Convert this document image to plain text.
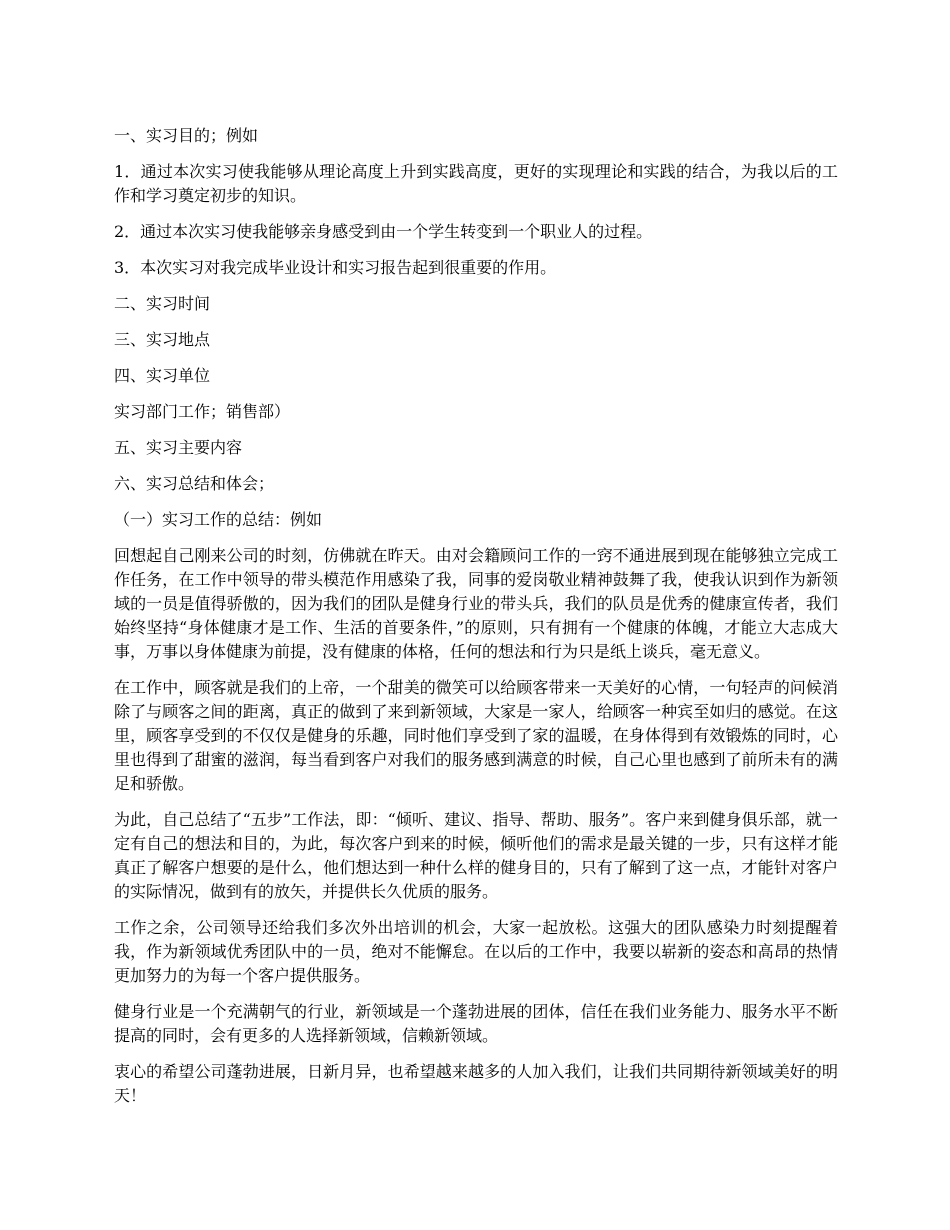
一、实习目的；例如

1．通过本次实习使我能够从理论高度上升到实践高度，更好的实现理论和实践的结合，为我以后的工作和学习奠定初步的知识。

2．通过本次实习使我能够亲身感受到由一个学生转变到一个职业人的过程。

3．本次实习对我完成毕业设计和实习报告起到很重要的作用。

二、实习时间

三、实习地点

四、实习单位

实习部门工作；销售部）

五、实习主要内容

六、实习总结和体会；

（一）实习工作的总结：例如

回想起自己刚来公司的时刻，仿佛就在昨天。由对会籍顾问工作的一窍不通进展到现在能够独立完成工作任务，在工作中领导的带头模范作用感染了我，同事的爱岗敬业精神鼓舞了我，使我认识到作为新领域的一员是值得骄傲的，因为我们的团队是健身行业的带头兵，我们的队员是优秀的健康宣传者，我们始终坚持“身体健康才是工作、生活的首要条件，”的原则，只有拥有一个健康的体魄，才能立大志成大事，万事以身体健康为前提，没有健康的体格，任何的想法和行为只是纸上谈兵，毫无意义。

在工作中，顾客就是我们的上帝，一个甜美的微笑可以给顾客带来一天美好的心情，一句轻声的问候消除了与顾客之间的距离，真正的做到了来到新领域，大家是一家人，给顾客一种宾至如归的感觉。在这里，顾客享受到的不仅仅是健身的乐趣，同时他们享受到了家的温暖，在身体得到有效锻炼的同时，心里也得到了甜蜜的滋润，每当看到客户对我们的服务感到满意的时候，自己心里也感到了前所未有的满足和骄傲。

为此，自己总结了“五步”工作法，即：“倾听、建议、指导、帮助、服务”。客户来到健身俱乐部，就一定有自己的想法和目的，为此，每次客户到来的时候，倾听他们的需求是最关键的一步，只有这样才能真正了解客户想要的是什么，他们想达到一种什么样的健身目的，只有了解到了这一点，才能针对客户的实际情况，做到有的放矢，并提供长久优质的服务。

工作之余，公司领导还给我们多次外出培训的机会，大家一起放松。这强大的团队感染力时刻提醒着我，作为新领域优秀团队中的一员，绝对不能懈怠。在以后的工作中，我要以崭新的姿态和高昂的热情更加努力的为每一个客户提供服务。

健身行业是一个充满朝气的行业，新领域是一个蓬勃进展的团体，信任在我们业务能力、服务水平不断提高的同时，会有更多的人选择新领域，信赖新领域。

衷心的希望公司蓬勃进展，日新月异，也希望越来越多的人加入我们，让我们共同期待新领域美好的明天！
